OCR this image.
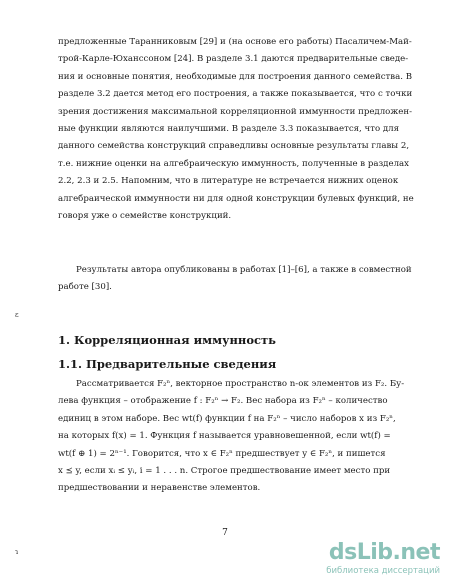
предложенные Таранниковым [29] и (на основе его работы) Пасаличем-Май-
трой-Карле-Юханссоном [24]. В разделе 3.1 даются предварительные сведе-
ния и основные понятия, необходимые для построения данного семейства. В
разделе 3.2 дается метод его построения, а также показывается, что с точки
зрения достижения максимальной корреляционной иммунности предложен-
ные функции являются наилучшими. В разделе 3.3 показывается, что для
данного семейства конструкций справедливы основные результаты главы 2,
т.е. нижние оценки на алгебраическую иммунность, полученные в разделах
2.2, 2.3 и 2.5. Напомним, что в литературе не встречается нижних оценок
алгебраической иммунности ни для одной конструкции булевых функций, не
говоря уже о семействе конструкций.
Результаты автора опубликованы в работах [1]–[6], а также в совместной
работе [30].
ɛ
1. Корреляционная иммунность
1.1. Предварительные сведения
Рассматривается F₂ⁿ, векторное пространство n-ок элементов из F₂. Бу-
лева функция – отображение f : F₂ⁿ → F₂. Вес набора из F₂ⁿ – количество
единиц в этом наборе. Вес wt(f) функции f на F₂ⁿ – число наборов x из F₂ⁿ,
на которых f(x) = 1. Функция f называется уравновешенной, если wt(f) =
wt(f ⊕ 1) = 2ⁿ⁻¹. Говорится, что x ∈ F₂ⁿ предшествует y ∈ F₂ⁿ, и пишется
x ⪯ y, если xᵢ ≤ yᵢ, i = 1 . . . n. Строгое предшествование имеет место при
предшествовании и неравенстве элементов.
7
ɿ	dsLib.net
библиотека диссертаций
